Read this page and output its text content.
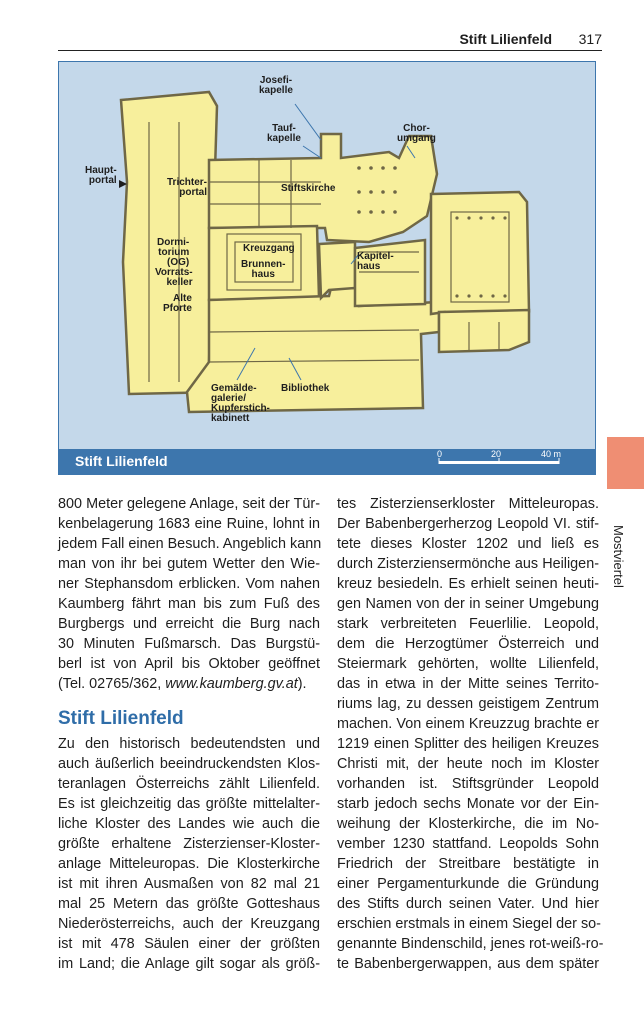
Stift Lilienfeld 317
Josefi-
kapelle
Tauf-
kapelle
Chor-
umgang
Haupt-
portal	Trichter-
portal	Stiftskirche
Dormi-
torium
(OG)
Kreuzgang
Kapitel-
haus
Brunnen-
haus
Vorrats-
keller
Alte
Pforte
Gemälde-
galerie/
Kupferstich-
kabinett
Bibliothek
Stift Lilienfeld	0	20	40 m
Mostviertel

800 Meter gelegene Anlage, seit der Tür-
kenbelagerung 1683 eine Ruine, lohnt in
jedem Fall einen Besuch. Angeblich kann
man von ihr bei gutem Wetter den Wie-
ner Stephansdom erblicken. Vom nahen
Kaumberg fährt man bis zum Fuß des
Burgbergs und erreicht die Burg nach
30 Minuten Fußmarsch. Das Burgstü-
berl ist von April bis Oktober geöffnet
(Tel. 02765/362, www.kaumberg.gv.at).

Stift Lilienfeld

Zu den historisch bedeutendsten und
auch äußerlich beeindruckendsten Klos-
teranlagen Österreichs zählt Lilienfeld.
Es ist gleichzeitig das größte mittelalter-
liche Kloster des Landes wie auch die
größte erhaltene Zisterzienser-Kloster-
anlage Mitteleuropas. Die Klosterkirche
ist mit ihren Ausmaßen von 82 mal 21
mal 25 Metern das größte Gotteshaus
Niederösterreichs, auch der Kreuzgang
ist mit 478 Säulen einer der größten
im Land; die Anlage gilt sogar als größ-

tes Zisterzienserkloster Mitteleuropas.
Der Babenbergerherzog Leopold VI. stif-
tete dieses Kloster 1202 und ließ es
durch Zisterziensermönche aus Heiligen-
kreuz besiedeln. Es erhielt seinen heuti-
gen Namen von der in seiner Umgebung
stark verbreiteten Feuerlilie. Leopold,
dem die Herzogtümer Österreich und
Steiermark gehörten, wollte Lilienfeld,
das in etwa in der Mitte seines Territo-
riums lag, zu dessen geistigem Zentrum
machen. Von einem Kreuzzug brachte er
1219 einen Splitter des heiligen Kreuzes
Christi mit, der heute noch im Kloster
vorhanden ist. Stiftsgründer Leopold
starb jedoch sechs Monate vor der Ein-
weihung der Klosterkirche, die im No-
vember 1230 stattfand. Leopolds Sohn
Friedrich der Streitbare bestätigte in
einer Pergamenturkunde die Gründung
des Stifts durch seinen Vater. Und hier
erschien erstmals in einem Siegel der so-
genannte Bindenschild, jenes rot-weiß-ro-
te Babenbergerwappen, aus dem später
